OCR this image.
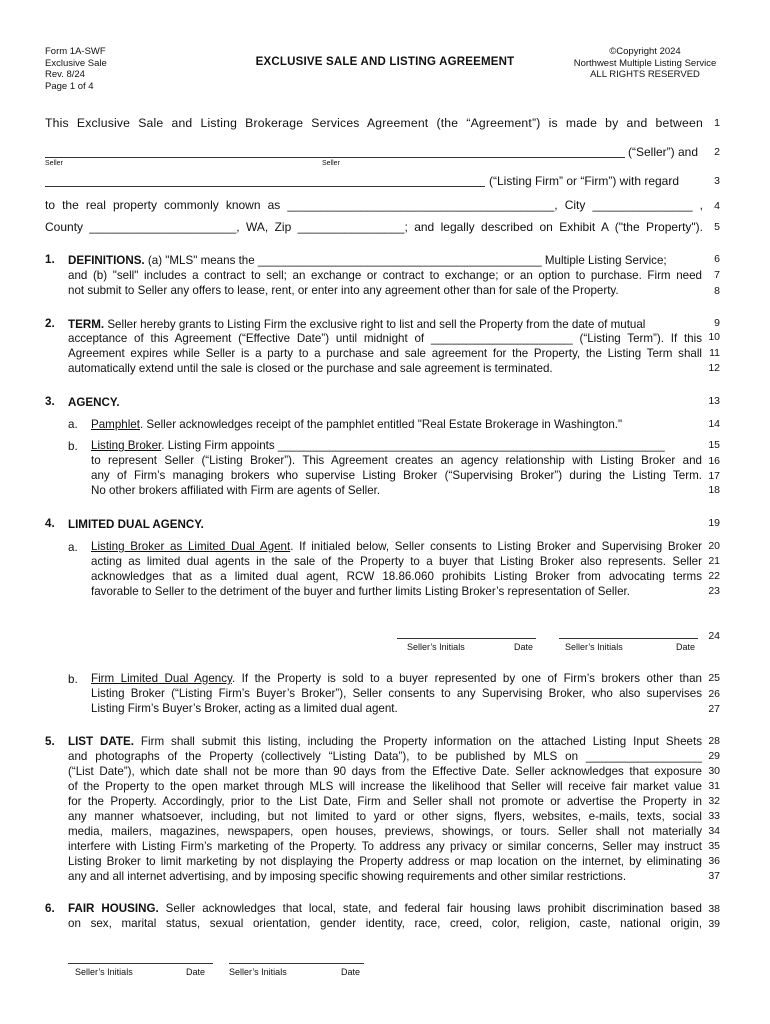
Form 1A-SWF
Exclusive Sale
Rev. 8/24
Page 1 of 4
EXCLUSIVE SALE AND LISTING AGREEMENT
©Copyright 2024
Northwest Multiple Listing Service
ALL RIGHTS RESERVED
1
2
3
4
5
6
7
8
9
10
11
12
13
14
15
16
17
18
19
20
21
22
23
24
25
26
27
28
29
30
31
32
33
34
35
36
37
38
39
This Exclusive Sale and Listing Brokerage Services Agreement (the “Agreement”) is made by and between
(“Seller”) and
Seller	Seller
(“Listing Firm” or “Firm”) with regard
to the real property commonly known as ________________________________________, City _______________ ,
County ______________________, WA, Zip ________________; and legally described on Exhibit A ("the Property").
1. DEFINITIONS. (a) "MLS" means the ____________________________________________ Multiple Listing Service;
and (b) "sell" includes a contract to sell; an exchange or contract to exchange; or an option to purchase. Firm need
not submit to Seller any offers to lease, rent, or enter into any agreement other than for sale of the Property.
2. TERM. Seller hereby grants to Listing Firm the exclusive right to list and sell the Property from the date of mutual
acceptance of this Agreement (“Effective Date”) until midnight of ______________________ (“Listing Term”). If this
Agreement expires while Seller is a party to a purchase and sale agreement for the Property, the Listing Term shall
automatically extend until the sale is closed or the purchase and sale agreement is terminated.
3. AGENCY.
a. Pamphlet. Seller acknowledges receipt of the pamphlet entitled "Real Estate Brokerage in Washington."
b. Listing Broker. Listing Firm appoints ____________________________________________________________
to represent Seller (“Listing Broker”). This Agreement creates an agency relationship with Listing Broker and
any of Firm’s managing brokers who supervise Listing Broker (“Supervising Broker”) during the Listing Term.
No other brokers affiliated with Firm are agents of Seller.
4. LIMITED DUAL AGENCY.
a. Listing Broker as Limited Dual Agent. If initialed below, Seller consents to Listing Broker and Supervising Broker
acting as limited dual agents in the sale of the Property to a buyer that Listing Broker also represents. Seller
acknowledges that as a limited dual agent, RCW 18.86.060 prohibits Listing Broker from advocating terms
favorable to Seller to the detriment of the buyer and further limits Listing Broker’s representation of Seller.
Seller’s Initials	Date	Seller’s Initials	Date
b. Firm Limited Dual Agency. If the Property is sold to a buyer represented by one of Firm’s brokers other than
Listing Broker (“Listing Firm’s Buyer’s Broker”), Seller consents to any Supervising Broker, who also supervises
Listing Firm’s Buyer’s Broker, acting as a limited dual agent.
5. LIST DATE. Firm shall submit this listing, including the Property information on the attached Listing Input Sheets
and photographs of the Property (collectively “Listing Data”), to be published by MLS on __________________
(“List Date”), which date shall not be more than 90 days from the Effective Date. Seller acknowledges that exposure
of the Property to the open market through MLS will increase the likelihood that Seller will receive fair market value
for the Property. Accordingly, prior to the List Date, Firm and Seller shall not promote or advertise the Property in
any manner whatsoever, including, but not limited to yard or other signs, flyers, websites, e-mails, texts, social
media, mailers, magazines, newspapers, open houses, previews, showings, or tours. Seller shall not materially
interfere with Listing Firm’s marketing of the Property. To address any privacy or similar concerns, Seller may instruct
Listing Broker to limit marketing by not displaying the Property address or map location on the internet, by eliminating
any and all internet advertising, and by imposing specific showing requirements and other similar restrictions.
6. FAIR HOUSING. Seller acknowledges that local, state, and federal fair housing laws prohibit discrimination based
on sex, marital status, sexual orientation, gender identity, race, creed, color, religion, caste, national origin,
Seller’s Initials	Date	Seller’s Initials	Date
